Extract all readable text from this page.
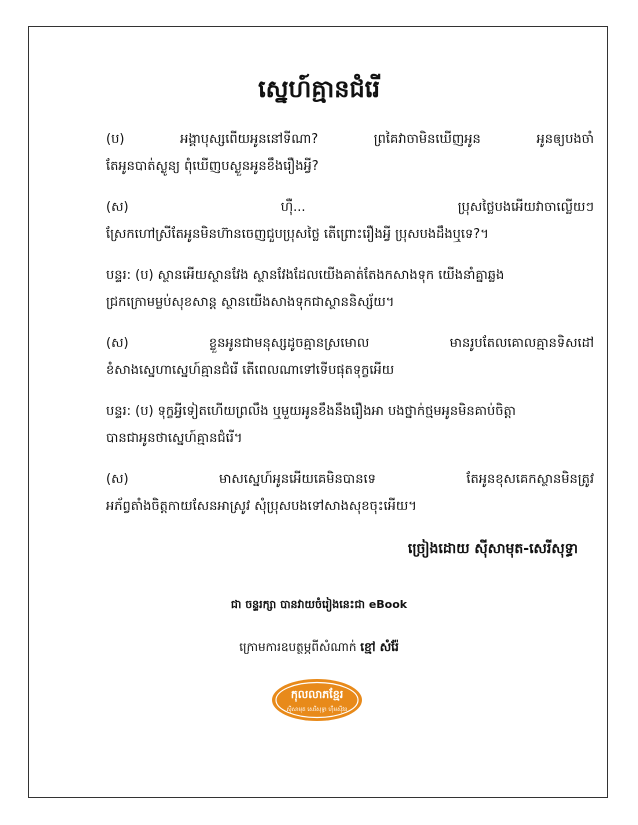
ស្នេហ៍គ្មានជំរើ
(ប)	អង្គាបុស្សពើយអូននៅទីណា?	ព្រគៃវាចាមិនឃើញអូន	អូនឲ្យបងចាំ
តែអូនបាត់ស្ងូន្យ ពុំឃើញបស្ងួនអូនខឹងរឿងអ្វី?
(ស)	ហ៊ឺ...	ប្រុសថ្លៃបងអើយវាចាលើ្លយៗ
ស្រែកហៅស្រីតែអូនមិនហ៊ានចេញជួបប្រុសថ្លៃ តើព្រោះរឿងអ្វី ប្រុសបងដឹងឬទេ?។
បន្ទរ: (ប) ស្ថានអើយស្ថានវែង ស្ថានវែងដែលយើងគាត់តែងកសាងទុក យើងនាំគ្នាឆ្លង
ជ្រកក្រោមម្លប់សុខសាន្ត ស្ថានយើងសាងទុកជាស្ថាននិស្ស័យ។
(ស)	ខ្លួនអូនជាមនុស្សដូចគ្មានស្រមោល	មានរូបតែលគោលគ្មានទិសដៅ
ខំសាងស្នេហាស្នេហ៍គ្មានជំរើ តើពេលណាទៅទើបផុតទុក្ខអើយ
បន្ទរ: (ប) ទុក្ខអ្វីទៀតហើយព្រលឹង ឬមួយអូនខឹងនឹងរឿងអា បងថ្នាក់ថ្មមអូនមិនគាប់ចិត្តា
បានជាអូនថាស្នេហ៍គ្មានជំរើ។
(ស)	មាសស្នេហ៍អូនអើយគេមិនបានទេ	តែអូនខុសគេកស្ថានមិនត្រូវ
អភ័ព្វតាំងចិត្តកាយសែនអាស្រូវ សុំប្រុសបងទៅសាងសុខចុះអើយ។
ច្រៀងដោយ ស៊ីសាមុត-សេរីសុទ្ធា
ជា ចន្ទរក្សា បានវាយចំរៀងនេះជា eBook
ក្រោមការឧបត្ថម្ភពីសំណាក់ ខ្មៅ សំរ៉ែ
កុលលាភខ្មែរ
ស៊ីសាមុត សេរីសុទ្ធា ហ៊ឹមស៊ីវន
